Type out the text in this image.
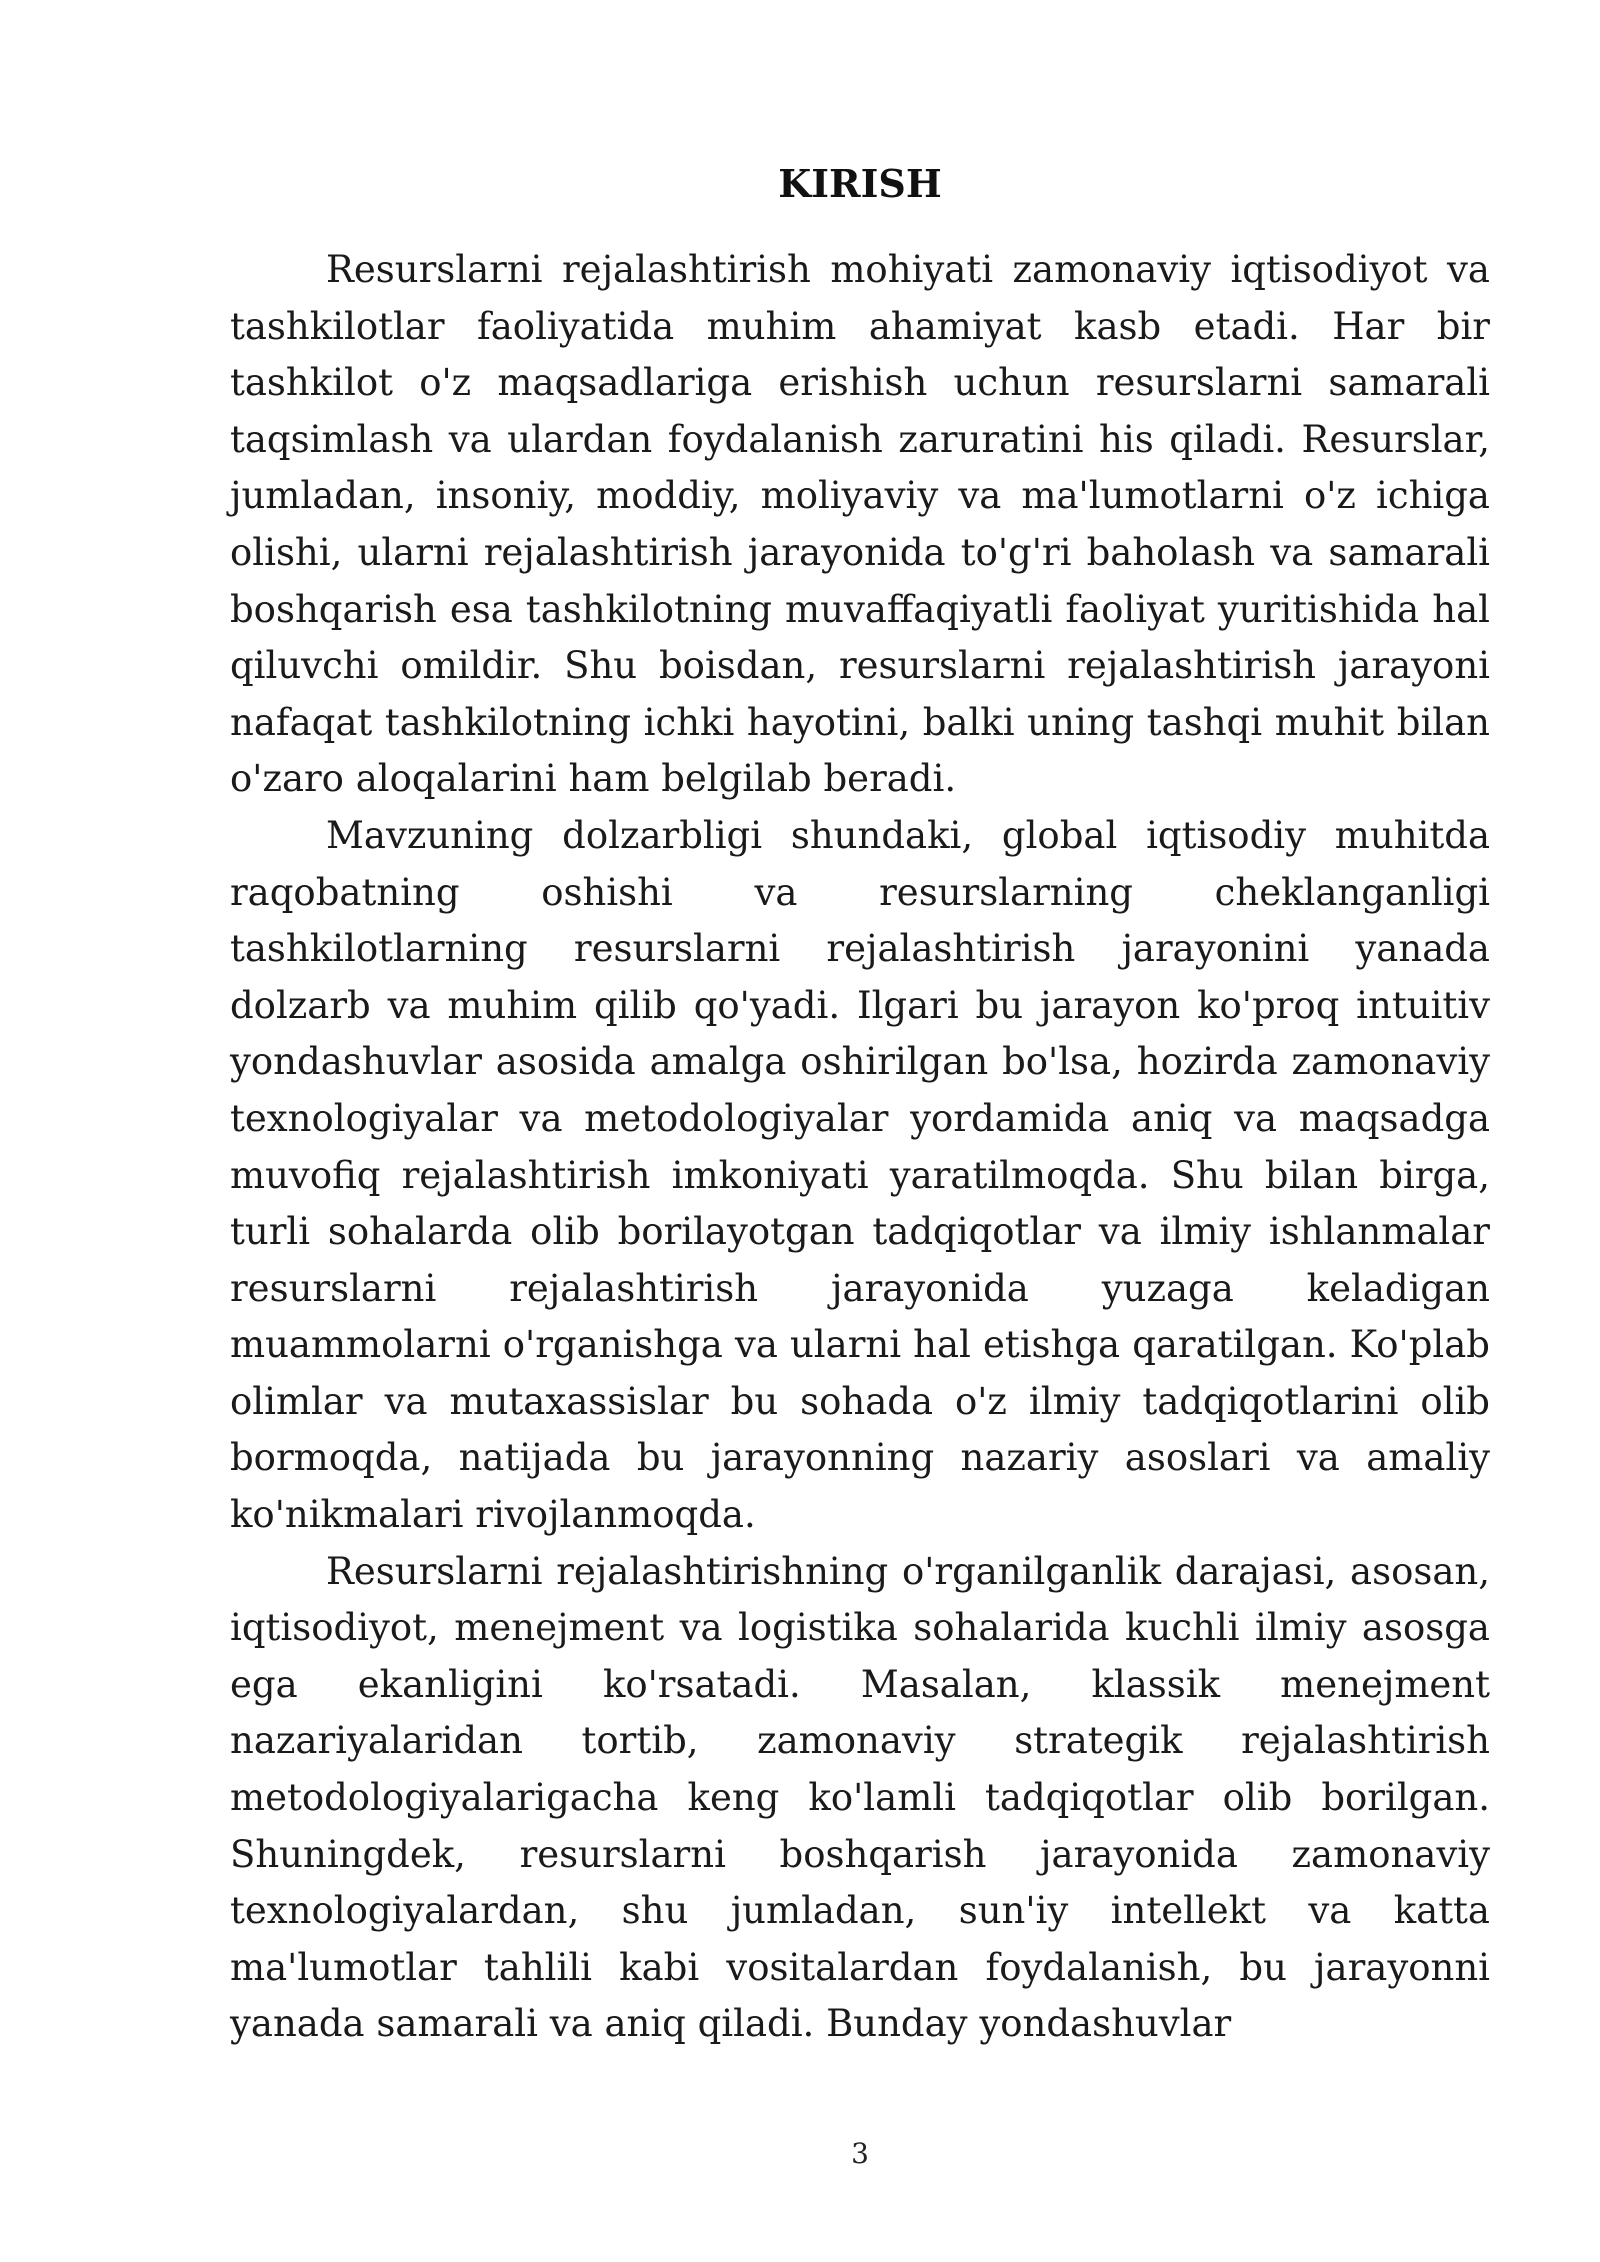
KIRISH

Resurslarni rejalashtirish mohiyati zamonaviy iqtisodiyot va tashkilotlar faoliyatida muhim ahamiyat kasb etadi. Har bir tashkilot o'z maqsadlariga erishish uchun resurslarni samarali taqsimlash va ulardan foydalanish zaruratini his qiladi. Resurslar, jumladan, insoniy, moddiy, moliyaviy va ma'lumotlarni o'z ichiga olishi, ularni rejalashtirish jarayonida to'g'ri baholash va samarali boshqarish esa tashkilotning muvaffaqiyatli faoliyat yuritishida hal qiluvchi omildir. Shu boisdan, resurslarni rejalashtirish jarayoni nafaqat tashkilotning ichki hayotini, balki uning tashqi muhit bilan o'zaro aloqalarini ham belgilab beradi.

Mavzuning dolzarbligi shundaki, global iqtisodiy muhitda raqobatning oshishi va resurslarning cheklanganligi tashkilotlarning resurslarni rejalashtirish jarayonini yanada dolzarb va muhim qilib qo'yadi. Ilgari bu jarayon ko'proq intuitiv yondashuvlar asosida amalga oshirilgan bo'lsa, hozirda zamonaviy texnologiyalar va metodologiyalar yordamida aniq va maqsadga muvofiq rejalashtirish imkoniyati yaratilmoqda. Shu bilan birga, turli sohalarda olib borilayotgan tadqiqotlar va ilmiy ishlanmalar resurslarni rejalashtirish jarayonida yuzaga keladigan muammolarni o'rganishga va ularni hal etishga qaratilgan. Ko'plab olimlar va mutaxassislar bu sohada o'z ilmiy tadqiqotlarini olib bormoqda, natijada bu jarayonning nazariy asoslari va amaliy ko'nikmalari rivojlanmoqda.

Resurslarni rejalashtirishning o'rganilganlik darajasi, asosan, iqtisodiyot, menejment va logistika sohalarida kuchli ilmiy asosga ega ekanligini ko'rsatadi. Masalan, klassik menejment nazariyalaridan tortib, zamonaviy strategik rejalashtirish metodologiyalarigacha keng ko'lamli tadqiqotlar olib borilgan. Shuningdek, resurslarni boshqarish jarayonida zamonaviy texnologiyalardan, shu jumladan, sun'iy intellekt va katta ma'lumotlar tahlili kabi vositalardan foydalanish, bu jarayonni yanada samarali va aniq qiladi. Bunday yondashuvlar

3
